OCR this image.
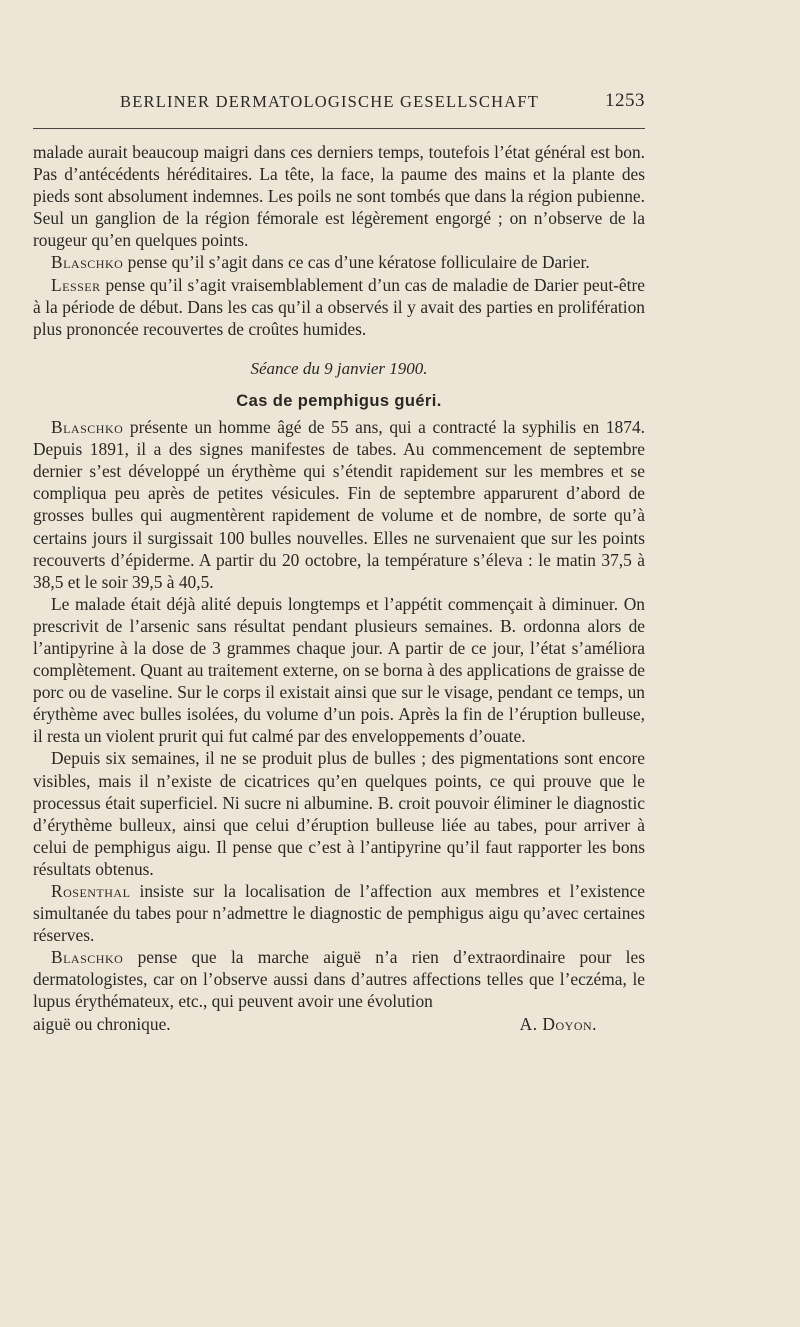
BERLINER DERMATOLOGISCHE GESELLSCHAFT	1253

malade aurait beaucoup maigri dans ces derniers temps, toutefois l’état général est bon. Pas d’antécédents héréditaires. La tête, la face, la paume des mains et la plante des pieds sont absolument indemnes. Les poils ne sont tombés que dans la région pubienne. Seul un ganglion de la région fémorale est légèrement engorgé ; on n’observe de la rougeur qu’en quelques points.

Blaschko pense qu’il s’agit dans ce cas d’une kératose folliculaire de Darier.

Lesser pense qu’il s’agit vraisemblablement d’un cas de maladie de Darier peut-être à la période de début. Dans les cas qu’il a observés il y avait des parties en prolifération plus prononcée recouvertes de croûtes humides.

Séance du 9 janvier 1900.
Cas de pemphigus guéri.

Blaschko présente un homme âgé de 55 ans, qui a contracté la syphilis en 1874. Depuis 1891, il a des signes manifestes de tabes. Au commencement de septembre dernier s’est développé un érythème qui s’étendit rapidement sur les membres et se compliqua peu après de petites vésicules. Fin de septembre apparurent d’abord de grosses bulles qui augmentèrent rapidement de volume et de nombre, de sorte qu’à certains jours il surgissait 100 bulles nouvelles. Elles ne survenaient que sur les points recouverts d’épiderme. A partir du 20 octobre, la température s’éleva : le matin 37,5 à 38,5 et le soir 39,5 à 40,5.

Le malade était déjà alité depuis longtemps et l’appétit commençait à diminuer. On prescrivit de l’arsenic sans résultat pendant plusieurs semaines. B. ordonna alors de l’antipyrine à la dose de 3 grammes chaque jour. A partir de ce jour, l’état s’améliora complètement. Quant au traitement externe, on se borna à des applications de graisse de porc ou de vaseline. Sur le corps il existait ainsi que sur le visage, pendant ce temps, un érythème avec bulles isolées, du volume d’un pois. Après la fin de l’éruption bulleuse, il resta un violent prurit qui fut calmé par des enveloppements d’ouate.

Depuis six semaines, il ne se produit plus de bulles ; des pigmentations sont encore visibles, mais il n’existe de cicatrices qu’en quelques points, ce qui prouve que le processus était superficiel. Ni sucre ni albumine. B. croit pouvoir éliminer le diagnostic d’érythème bulleux, ainsi que celui d’éruption bulleuse liée au tabes, pour arriver à celui de pemphigus aigu. Il pense que c’est à l’antipyrine qu’il faut rapporter les bons résultats obtenus.

Rosenthal insiste sur la localisation de l’affection aux membres et l’existence simultanée du tabes pour n’admettre le diagnostic de pemphigus aigu qu’avec certaines réserves.

Blaschko pense que la marche aiguë n’a rien d’extraordinaire pour les dermatologistes, car on l’observe aussi dans d’autres affections telles que l’eczéma, le lupus érythémateux, etc., qui peuvent avoir une évolution

aiguë ou chronique.	A. Doyon.
